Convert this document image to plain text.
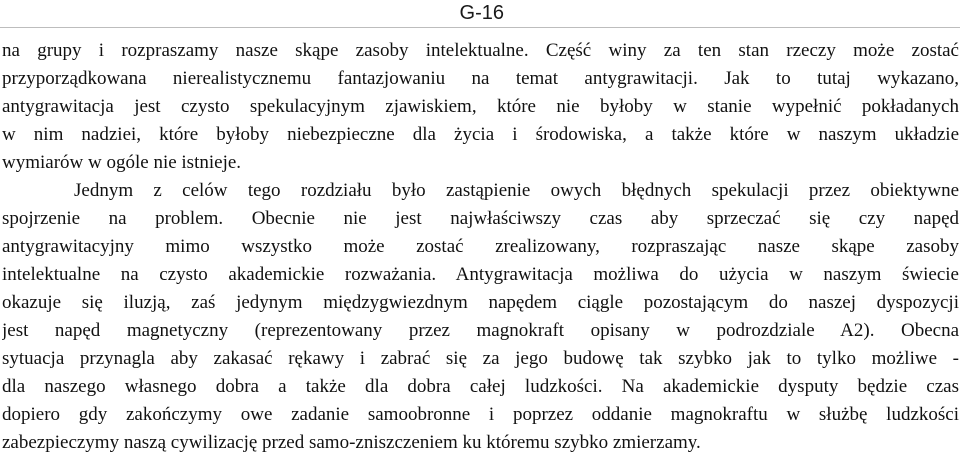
G-16
na grupy i rozpraszamy nasze skąpe zasoby intelektualne. Część winy za ten stan rzeczy może zostać
przyporządkowana nierealistycznemu fantazjowaniu na temat antygrawitacji. Jak to tutaj wykazano,
antygrawitacja jest czysto spekulacyjnym zjawiskiem, które nie byłoby w stanie wypełnić pokładanych
w nim nadziei, które byłoby niebezpieczne dla życia i środowiska, a także które w naszym układzie
wymiarów w ogóle nie istnieje.
Jednym z celów tego rozdziału było zastąpienie owych błędnych spekulacji przez obiektywne
spojrzenie na problem. Obecnie nie jest najwłaściwszy czas aby sprzeczać się czy napęd
antygrawitacyjny mimo wszystko może zostać zrealizowany, rozpraszając nasze skąpe zasoby
intelektualne na czysto akademickie rozważania. Antygrawitacja możliwa do użycia w naszym świecie
okazuje się iluzją, zaś jedynym międzygwiezdnym napędem ciągle pozostającym do naszej dyspozycji
jest napęd magnetyczny (reprezentowany przez magnokraft opisany w podrozdziale A2). Obecna
sytuacja przynagla aby zakasać rękawy i zabrać się za jego budowę tak szybko jak to tylko możliwe -
dla naszego własnego dobra a także dla dobra całej ludzkości. Na akademickie dysputy będzie czas
dopiero gdy zakończymy owe zadanie samoobronne i poprzez oddanie magnokraftu w służbę ludzkości
zabezpieczymy naszą cywilizację przed samo-zniszczeniem ku któremu szybko zmierzamy.
